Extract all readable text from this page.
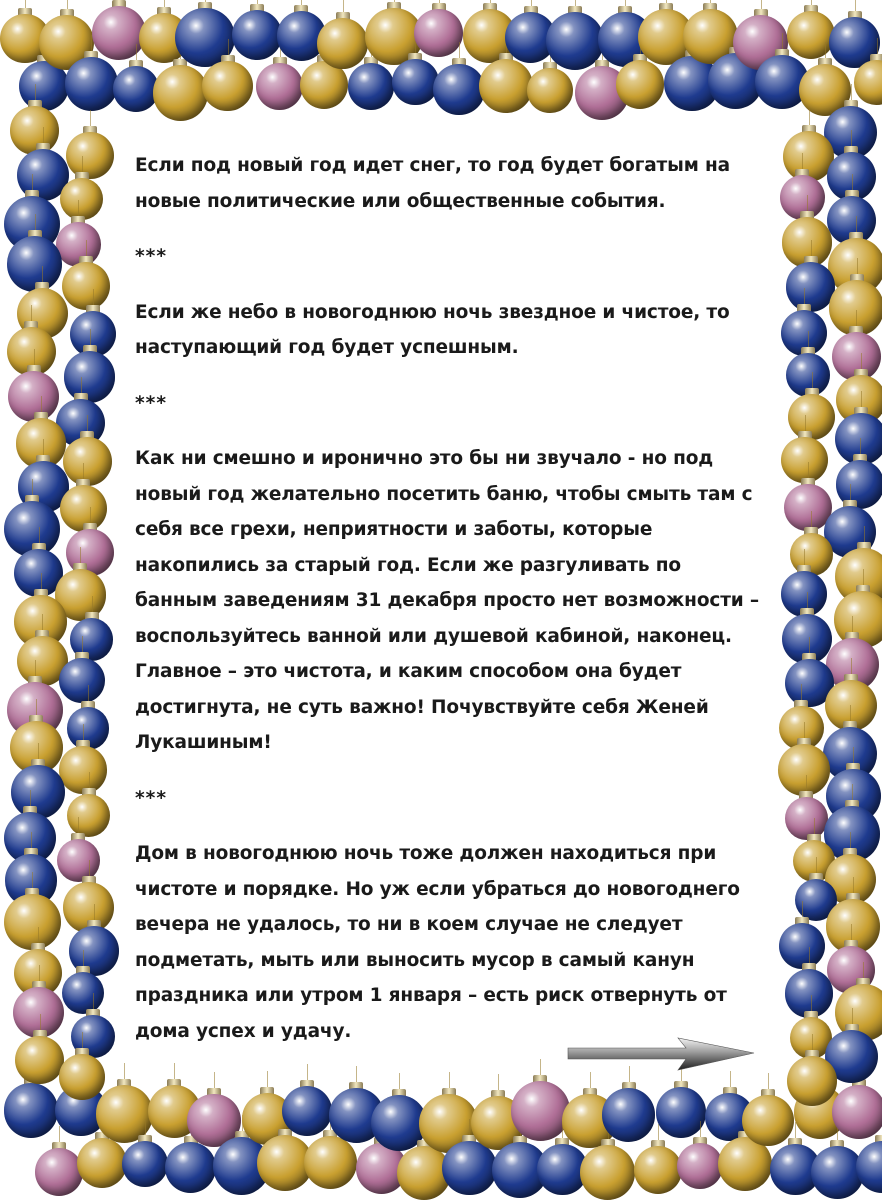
Если под новый год идет снег, то год будет богатым на новые политические или общественные события.

***

Если же небо в новогоднюю ночь звездное и чистое, то наступающий год будет успешным.

***

Как ни смешно и иронично это бы ни звучало - но под новый год желательно посетить баню, чтобы смыть там с себя все грехи, неприятности и заботы, которые накопились за старый год. Если же разгуливать по банным заведениям 31 декабря просто нет возможности – воспользуйтесь ванной или душевой кабиной, наконец. Главное – это чистота, и каким способом она будет достигнута, не суть важно! Почувствуйте себя Женей Лукашиным!

***

Дом в новогоднюю ночь тоже должен находиться при чистоте и порядке. Но уж если убраться до новогоднего вечера не удалось, то ни в коем случае не следует подметать, мыть или выносить мусор в самый канун праздника или утром 1 января – есть риск отвернуть от дома успех и удачу.
